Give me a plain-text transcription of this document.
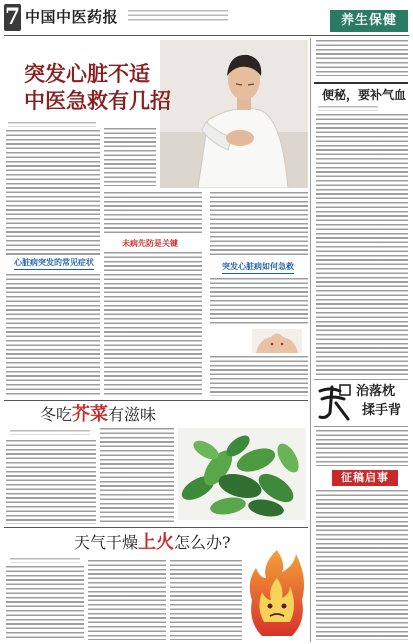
7 中国中医药报	养生保健
突发心脏不适
中医急救有几招
心脏病突发的常见症状
未病先防是关键
突发心脏病如何急救
冬吃芥菜有滋味
天气干燥上火怎么办?
便秘，要补气血
治落枕
揉手背
征稿启事
